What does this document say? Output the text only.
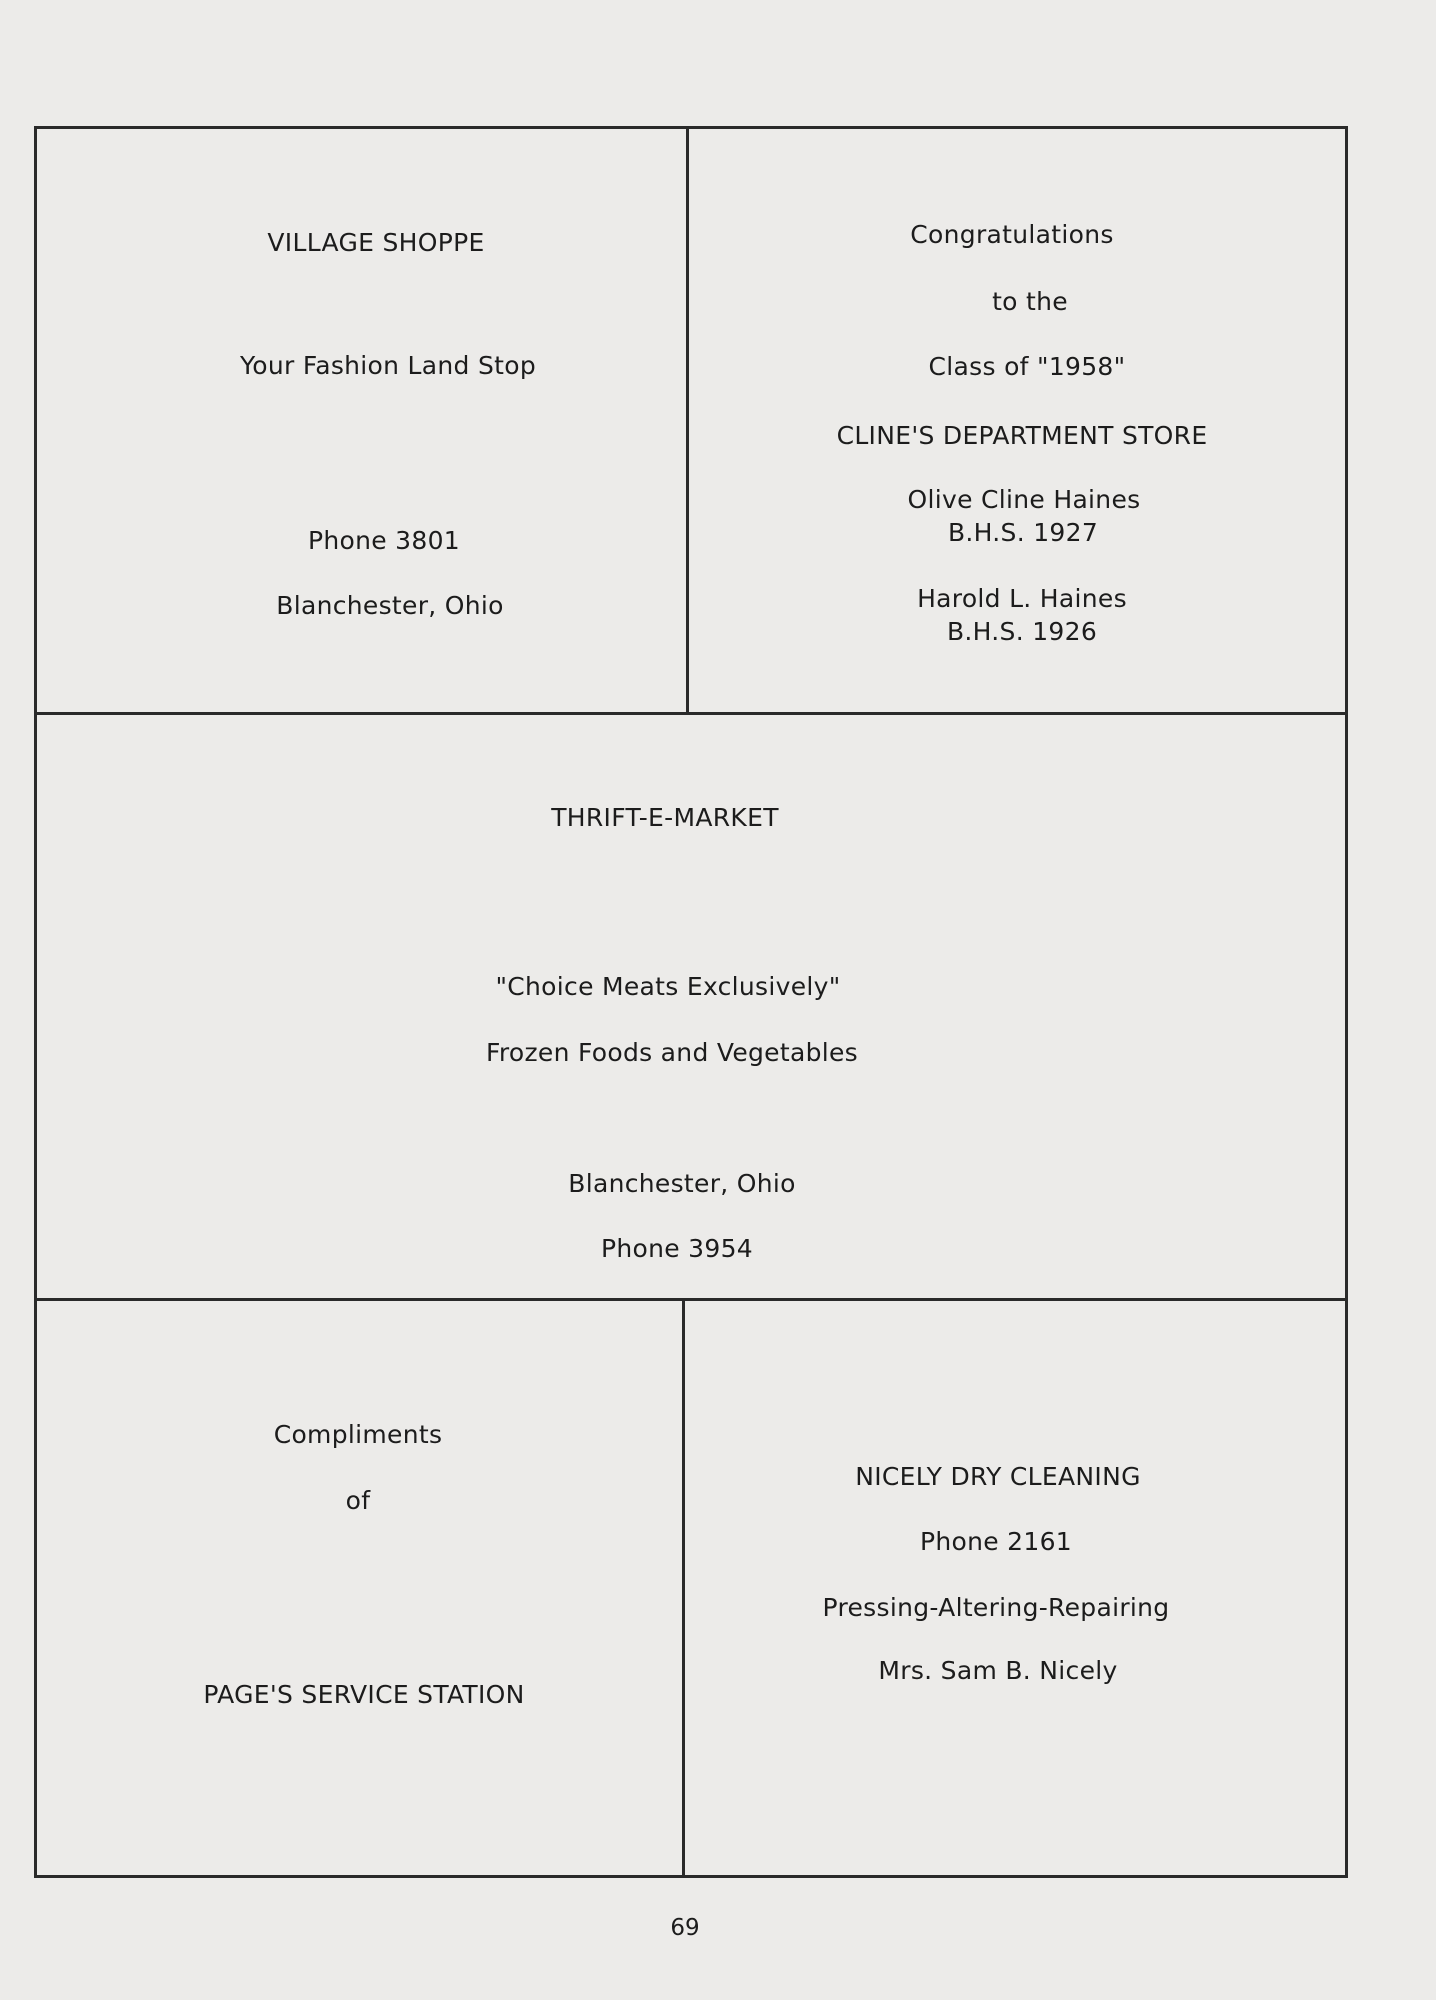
VILLAGE SHOPPE
Your Fashion Land Stop
Phone 3801
Blanchester, Ohio
Congratulations
to the
Class of "1958"
CLINE'S DEPARTMENT STORE
Olive Cline Haines
B.H.S. 1927
Harold L. Haines
B.H.S. 1926
THRIFT-E-MARKET
"Choice Meats Exclusively"
Frozen Foods and Vegetables
Blanchester, Ohio
Phone 3954
Compliments
of
PAGE'S SERVICE STATION
NICELY DRY CLEANING
Phone 2161
Pressing-Altering-Repairing
Mrs. Sam B. Nicely
69
